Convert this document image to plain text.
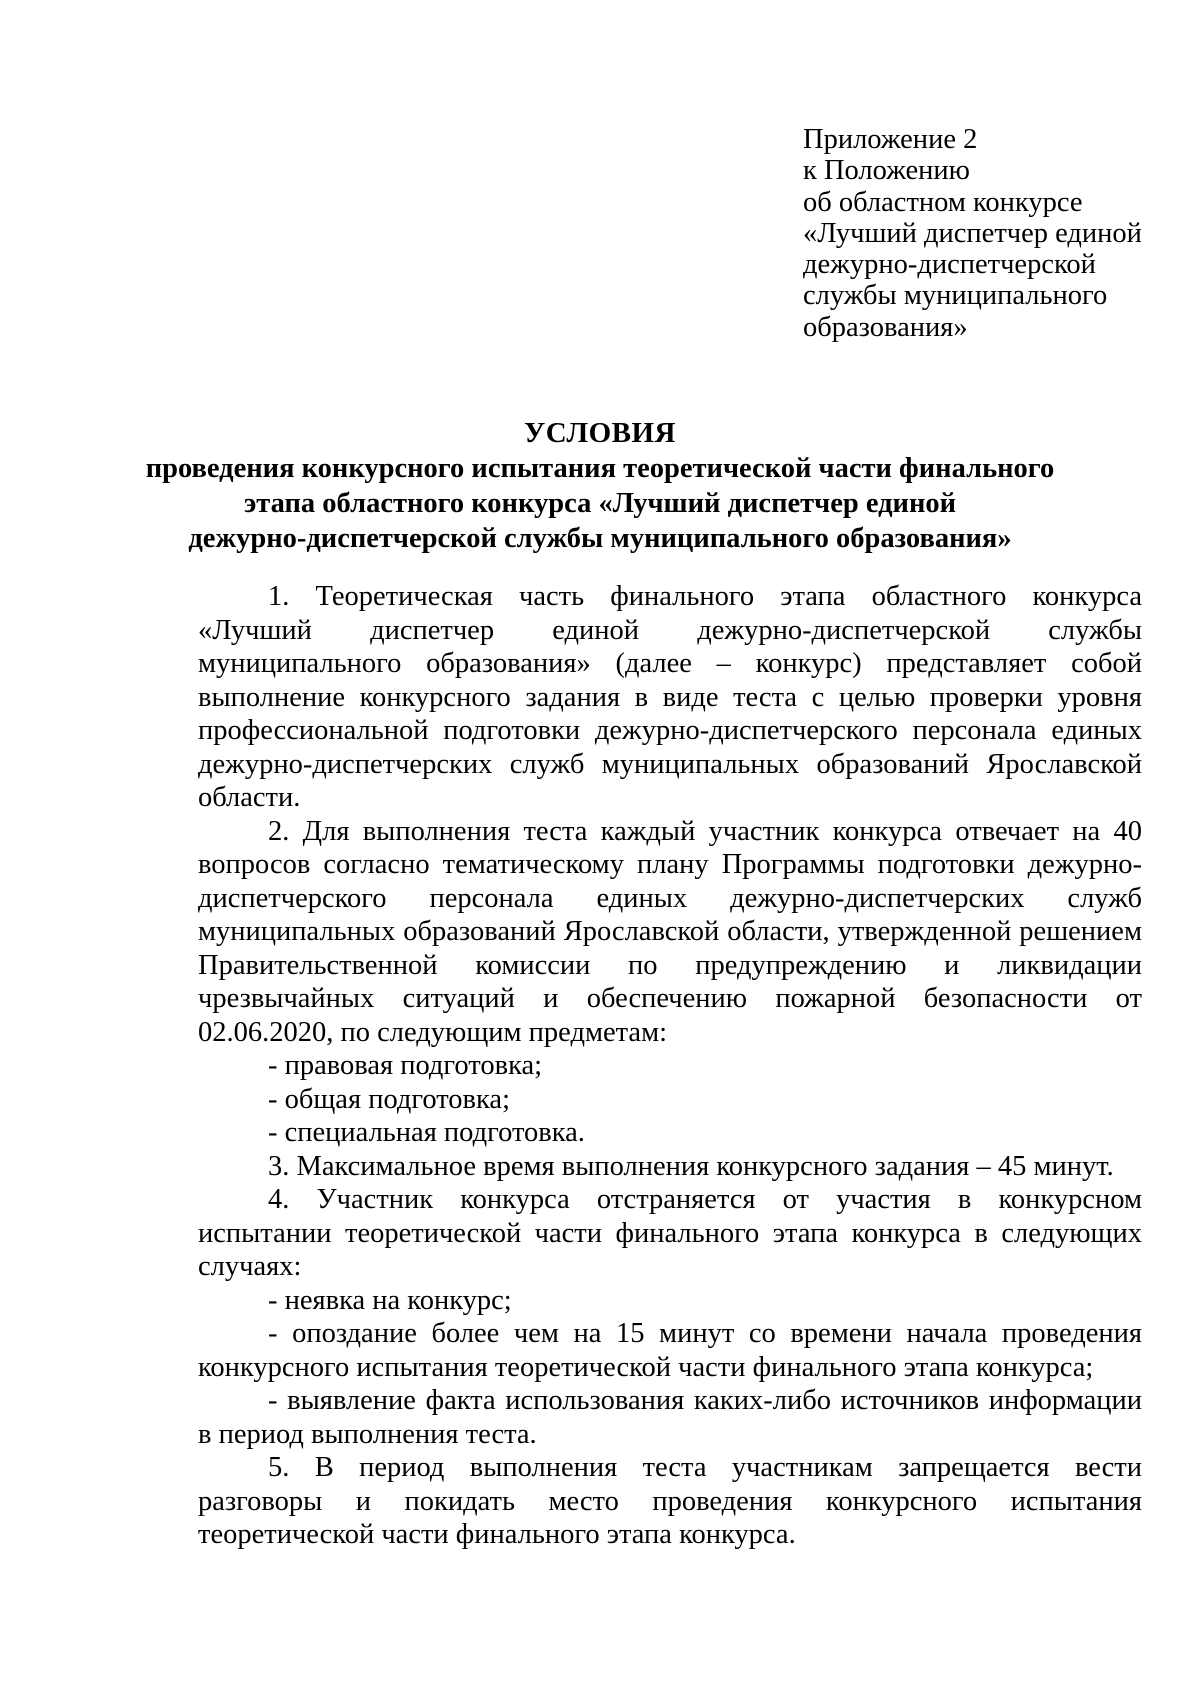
Приложение 2
к Положению
об областном конкурсе
«Лучший диспетчер единой
дежурно-диспетчерской
службы муниципального
образования»
УСЛОВИЯ
проведения конкурсного испытания теоретической части финального
этапа областного конкурса «Лучший диспетчер единой
дежурно-диспетчерской службы муниципального образования»

1. Теоретическая часть финального этапа областного конкурса «Лучший диспетчер единой дежурно-диспетчерской службы муниципального образования» (далее – конкурс) представляет собой выполнение конкурсного задания в виде теста с целью проверки уровня профессиональной подготовки дежурно-диспетчерского персонала единых дежурно-диспетчерских служб муниципальных образований Ярославской области.

2. Для выполнения теста каждый участник конкурса отвечает на 40 вопросов согласно тематическому плану Программы подготовки дежурно-диспетчерского персонала единых дежурно-диспетчерских служб муниципальных образований Ярославской области, утвержденной решением Правительственной комиссии по предупреждению и ликвидации чрезвычайных ситуаций и обеспечению пожарной безопасности от 02.06.2020, по следующим предметам:

- правовая подготовка;

- общая подготовка;

- специальная подготовка.

3. Максимальное время выполнения конкурсного задания – 45 минут.

4. Участник конкурса отстраняется от участия в конкурсном испытании теоретической части финального этапа конкурса в следующих случаях:

- неявка на конкурс;

- опоздание более чем на 15 минут со времени начала проведения конкурсного испытания теоретической части финального этапа конкурса;

- выявление факта использования каких-либо источников информации в период выполнения теста.

5. В период выполнения теста участникам запрещается вести разговоры и покидать место проведения конкурсного испытания теоретической части финального этапа конкурса.
